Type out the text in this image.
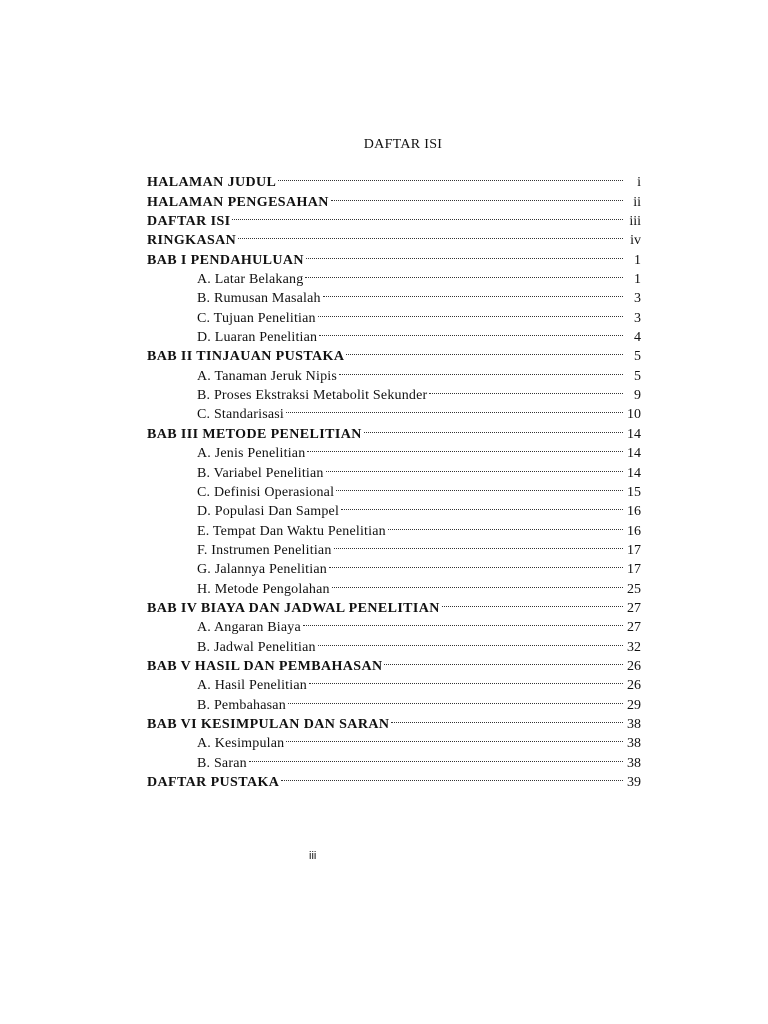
DAFTAR ISI
HALAMAN JUDUL	i
HALAMAN PENGESAHAN	ii
DAFTAR ISI	iii
RINGKASAN	iv
BAB I PENDAHULUAN	1
A. Latar Belakang	1
B. Rumusan Masalah	3
C. Tujuan Penelitian	3
D. Luaran Penelitian	4
BAB II TINJAUAN PUSTAKA	5
A. Tanaman Jeruk Nipis	5
B. Proses Ekstraksi Metabolit Sekunder	9
C. Standarisasi	10
BAB III METODE PENELITIAN	14
A. Jenis Penelitian	14
B. Variabel Penelitian	14
C. Definisi Operasional	15
D. Populasi Dan Sampel	16
E. Tempat Dan Waktu Penelitian	16
F. Instrumen Penelitian	17
G. Jalannya Penelitian	17
H. Metode Pengolahan	25
BAB IV BIAYA DAN JADWAL PENELITIAN	27
A. Angaran Biaya	27
B. Jadwal Penelitian	32
BAB V HASIL DAN PEMBAHASAN	26
A. Hasil Penelitian	26
B. Pembahasan	29
BAB VI KESIMPULAN DAN SARAN	38
A. Kesimpulan	38
B. Saran	38
DAFTAR PUSTAKA	39
iii
